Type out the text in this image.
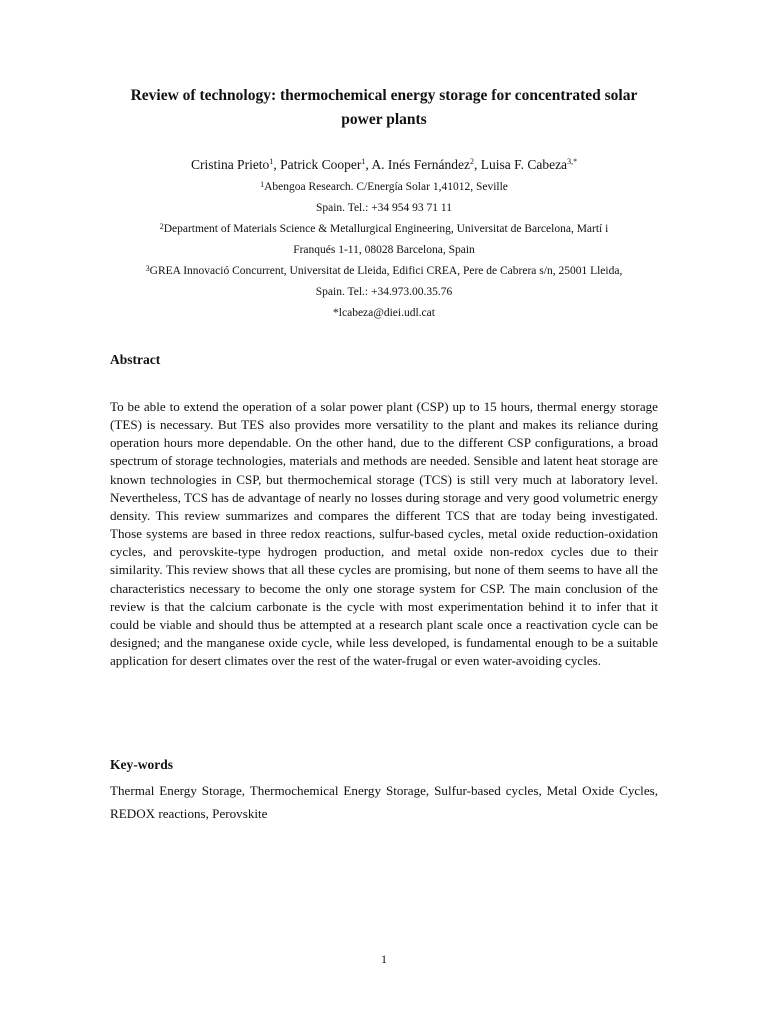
Review of technology: thermochemical energy storage for concentrated solar power plants
Cristina Prieto$^1$, Patrick Cooper$^1$, A. Inés Fernández$^2$, Luisa F. Cabeza$^{3,*}$
$^1$Abengoa Research. C/Energía Solar 1,41012, Seville
Spain. Tel.: +34 954 93 71 11
$^2$Department of Materials Science & Metallurgical Engineering, Universitat de Barcelona, Martí i
Franqués 1-11, 08028 Barcelona, Spain
$^3$GREA Innovació Concurrent, Universitat de Lleida, Edifici CREA, Pere de Cabrera s/n, 25001 Lleida,
Spain. Tel.: +34.973.00.35.76
*lcabeza@diei.udl.cat
Abstract
To be able to extend the operation of a solar power plant (CSP) up to 15 hours, thermal energy storage (TES) is necessary. But TES also provides more versatility to the plant and makes its reliance during operation hours more dependable. On the other hand, due to the different CSP configurations, a broad spectrum of storage technologies, materials and methods are needed. Sensible and latent heat storage are known technologies in CSP, but thermochemical storage (TCS) is still very much at laboratory level. Nevertheless, TCS has de advantage of nearly no losses during storage and very good volumetric energy density. This review summarizes and compares the different TCS that are today being investigated. Those systems are based in three redox reactions, sulfur-based cycles, metal oxide reduction-oxidation cycles, and perovskite-type hydrogen production, and metal oxide non-redox cycles due to their similarity. This review shows that all these cycles are promising, but none of them seems to have all the characteristics necessary to become the only one storage system for CSP. The main conclusion of the review is that the calcium carbonate is the cycle with most experimentation behind it to infer that it could be viable and should thus be attempted at a research plant scale once a reactivation cycle can be designed; and the manganese oxide cycle, while less developed, is fundamental enough to be a suitable application for desert climates over the rest of the water-frugal or even water-avoiding cycles.
Key-words
Thermal Energy Storage, Thermochemical Energy Storage, Sulfur-based cycles, Metal Oxide Cycles, REDOX reactions, Perovskite
1
